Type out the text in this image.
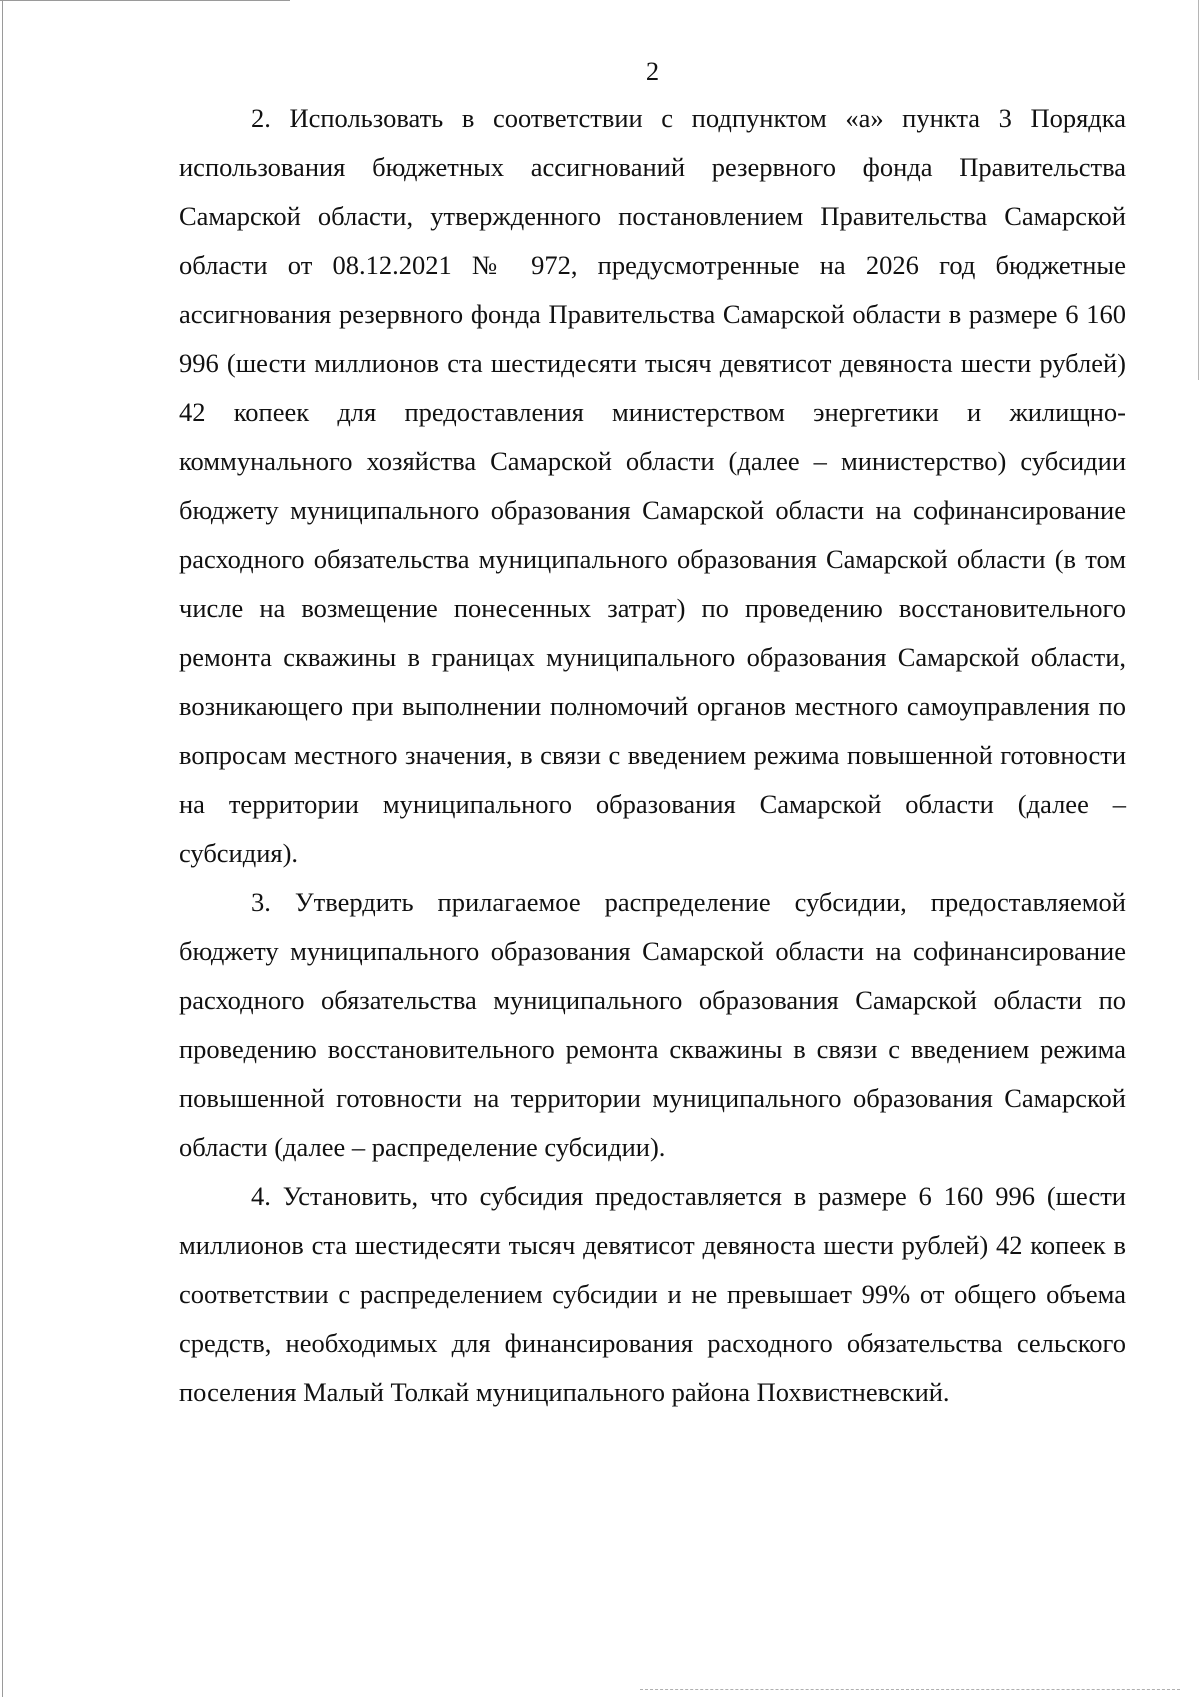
2

2. Использовать в соответствии с подпунктом «а» пункта 3 Порядка использования бюджетных ассигнований резервного фонда Правительства Самарской области, утвержденного постановлением Правительства Самарской области от 08.12.2021 № 972, предусмотренные на 2026 год бюджетные ассигнования резервного фонда Правительства Самарской области в размере 6 160 996 (шести миллионов ста шестидесяти тысяч девятисот девяноста шести рублей) 42 копеек для предоставления министерством энергетики и жилищно-коммунального хозяйства Самарской области (далее – министерство) субсидии бюджету муниципального образования Самарской области на софинансирование расходного обязательства муниципального образования Самарской области (в том числе на возмещение понесенных затрат) по проведению восстановительного ремонта скважины в границах муниципального образования Самарской области, возникающего при выполнении полномочий органов местного самоуправления по вопросам местного значения, в связи с введением режима повышенной готовности на территории муниципального образования Самарской области (далее – субсидия).

3. Утвердить прилагаемое распределение субсидии, предоставляемой бюджету муниципального образования Самарской области на софинансирование расходного обязательства муниципального образования Самарской области по проведению восстановительного ремонта скважины в связи с введением режима повышенной готовности на территории муниципального образования Самарской области (далее – распределение субсидии).

4. Установить, что субсидия предоставляется в размере 6 160 996 (шести миллионов ста шестидесяти тысяч девятисот девяноста шести рублей) 42 копеек в соответствии с распределением субсидии и не превышает 99% от общего объема средств, необходимых для финансирования расходного обязательства сельского поселения Малый Толкай муниципального района Похвистневский.
